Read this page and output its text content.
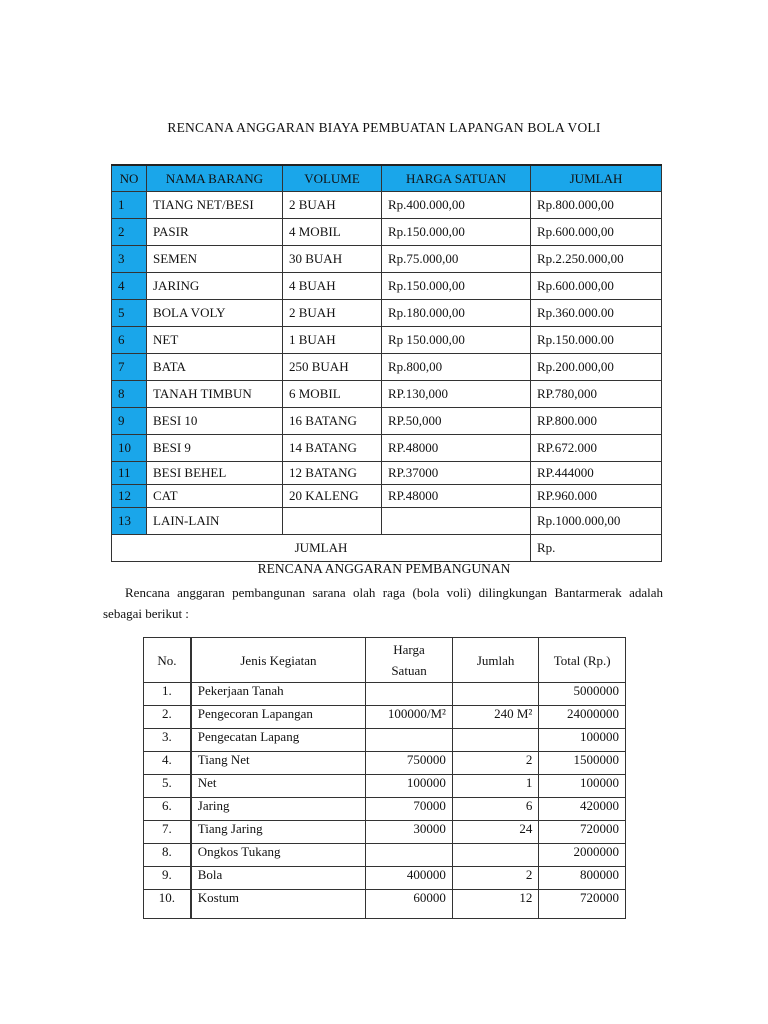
RENCANA ANGGARAN BIAYA PEMBUATAN LAPANGAN BOLA VOLI
NO	NAMA BARANG	VOLUME	HARGA SATUAN	JUMLAH
1	TIANG NET/BESI	2 BUAH	Rp.400.000,00	Rp.800.000,00
2	PASIR	4 MOBIL	Rp.150.000,00	Rp.600.000,00
3	SEMEN	30 BUAH	Rp.75.000,00	Rp.2.250.000,00
4	JARING	4 BUAH	Rp.150.000,00	Rp.600.000,00
5	BOLA VOLY	2 BUAH	Rp.180.000,00	Rp.360.000.00
6	NET	1 BUAH	Rp 150.000,00	Rp.150.000.00
7	BATA	250 BUAH	Rp.800,00	Rp.200.000,00
8	TANAH TIMBUN	6 MOBIL	RP.130,000	RP.780,000
9	BESI 10	16 BATANG	RP.50,000	RP.800.000
10	BESI 9	14 BATANG	RP.48000	RP.672.000
11	BESI BEHEL	12 BATANG	RP.37000	RP.444000
12	CAT	20 KALENG	RP.48000	RP.960.000
13	LAIN-LAIN			Rp.1000.000,00
JUMLAH				Rp.
RENCANA ANGGARAN PEMBANGUNAN
Rencana anggaran pembangunan sarana olah raga (bola voli) dilingkungan Bantarmerak adalah sebagai berikut :
No.	Jenis Kegiatan	Harga Satuan	Jumlah	Total (Rp.)
1.	Pekerjaan Tanah			5000000
2.	Pengecoran Lapangan	100000/M²	240 M²	24000000
3.	Pengecatan Lapang			100000
4.	Tiang Net	750000	2	1500000
5.	Net	100000	1	100000
6.	Jaring	70000	6	420000
7.	Tiang Jaring	30000	24	720000
8.	Ongkos Tukang			2000000
9.	Bola	400000	2	800000
10.	Kostum	60000	12	720000
